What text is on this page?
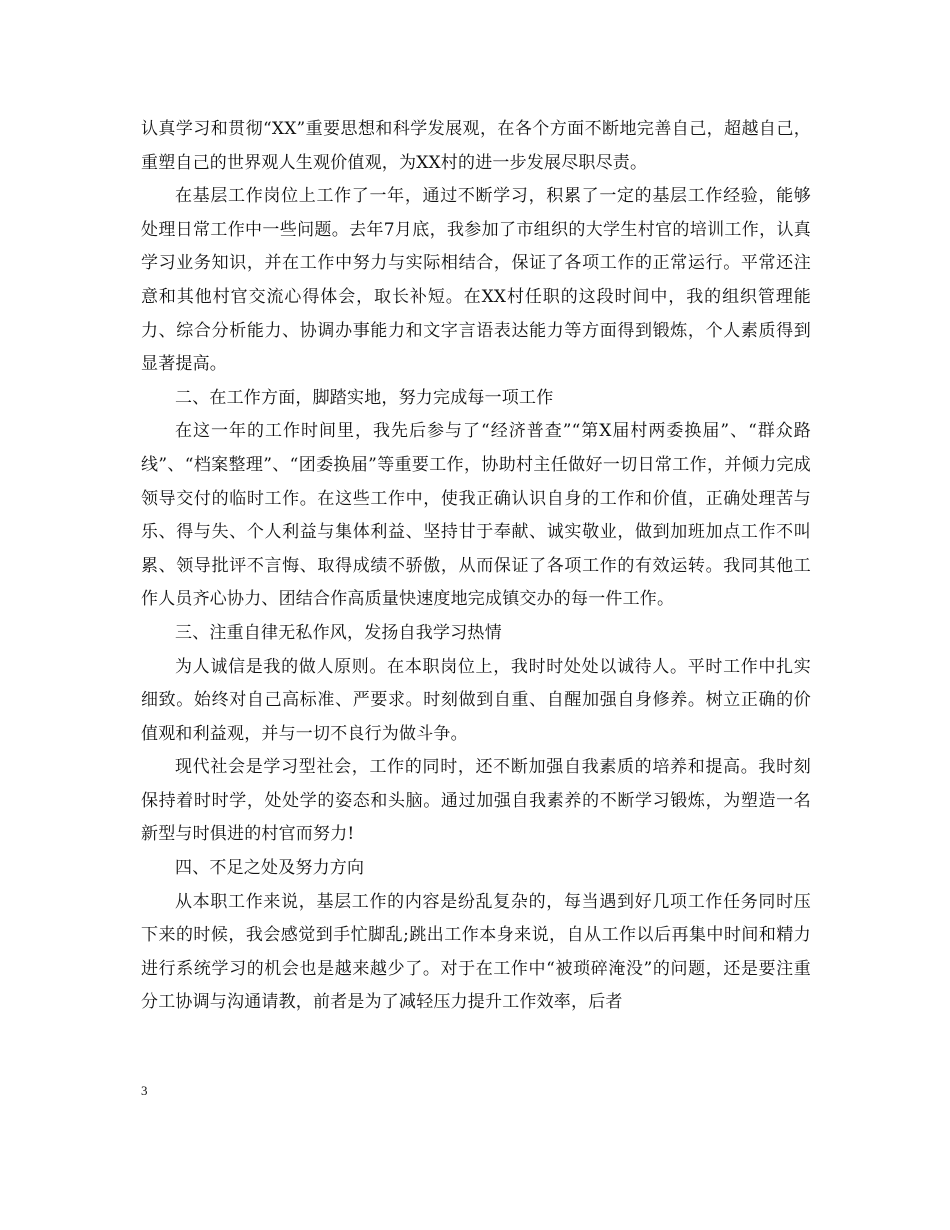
认真学习和贯彻“XX”重要思想和科学发展观，在各个方面不断地完善自己，超越自己，重塑自己的世界观人生观价值观，为XX村的进一步发展尽职尽责。

在基层工作岗位上工作了一年，通过不断学习，积累了一定的基层工作经验，能够处理日常工作中一些问题。去年7月底，我参加了市组织的大学生村官的培训工作，认真学习业务知识，并在工作中努力与实际相结合，保证了各项工作的正常运行。平常还注意和其他村官交流心得体会，取长补短。在XX村任职的这段时间中，我的组织管理能力、综合分析能力、协调办事能力和文字言语表达能力等方面得到锻炼，个人素质得到显著提高。

二、在工作方面，脚踏实地，努力完成每一项工作

在这一年的工作时间里，我先后参与了“经济普查”“第X届村两委换届”、“群众路线”、“档案整理”、“团委换届”等重要工作，协助村主任做好一切日常工作，并倾力完成领导交付的临时工作。在这些工作中，使我正确认识自身的工作和价值，正确处理苦与乐、得与失、个人利益与集体利益、坚持甘于奉献、诚实敬业，做到加班加点工作不叫累、领导批评不言悔、取得成绩不骄傲，从而保证了各项工作的有效运转。我同其他工作人员齐心协力、团结合作高质量快速度地完成镇交办的每一件工作。

三、注重自律无私作风，发扬自我学习热情

为人诚信是我的做人原则。在本职岗位上，我时时处处以诚待人。平时工作中扎实细致。始终对自己高标准、严要求。时刻做到自重、自醒加强自身修养。树立正确的价值观和利益观，并与一切不良行为做斗争。

现代社会是学习型社会，工作的同时，还不断加强自我素质的培养和提高。我时刻保持着时时学，处处学的姿态和头脑。通过加强自我素养的不断学习锻炼，为塑造一名新型与时俱进的村官而努力!

四、不足之处及努力方向

从本职工作来说，基层工作的内容是纷乱复杂的，每当遇到好几项工作任务同时压下来的时候，我会感觉到手忙脚乱;跳出工作本身来说，自从工作以后再集中时间和精力进行系统学习的机会也是越来越少了。对于在工作中“被琐碎淹没”的问题，还是要注重分工协调与沟通请教，前者是为了减轻压力提升工作效率，后者

3
